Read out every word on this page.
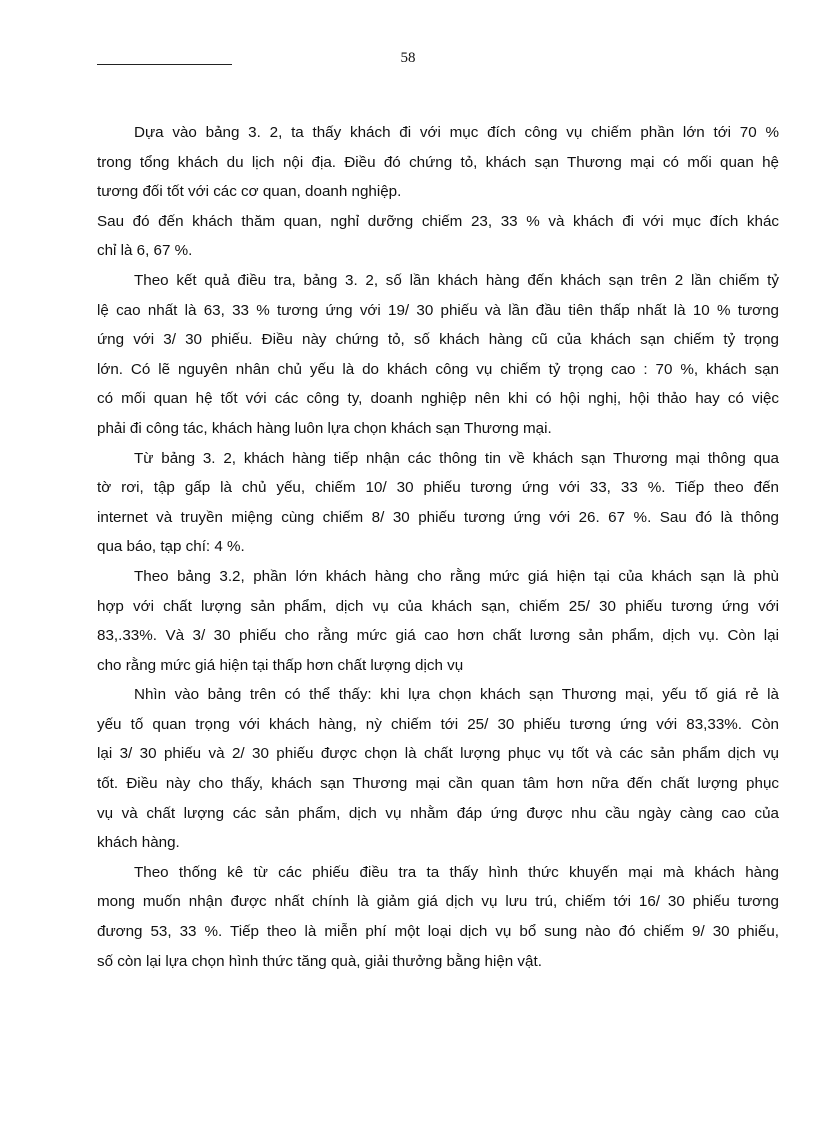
58
Dựa vào bảng 3. 2, ta thấy khách đi với mục đích công vụ chiếm phần lớn tới 70 %
trong tổng khách du lịch nội địa. Điều đó chứng tỏ, khách sạn Thương mại có mối quan hệ
tương đối tốt với các cơ quan, doanh nghiệp.
Sau đó đến khách thăm quan, nghỉ dưỡng chiếm 23, 33 % và khách đi với mục đích khác
chỉ là 6, 67 %.
Theo kết quả điều tra, bảng 3. 2, số lần khách hàng đến khách sạn trên 2 lần chiếm tỷ
lệ cao nhất là 63, 33 % tương ứng với 19/ 30 phiếu và lần đầu tiên thấp nhất là 10 % tương
ứng với 3/ 30 phiếu. Điều này chứng tỏ, số khách hàng cũ của khách sạn chiếm tỷ trọng
lớn. Có lẽ nguyên nhân chủ yếu là do khách công vụ chiếm tỷ trọng cao : 70 %, khách sạn
có mối quan hệ tốt với các công ty, doanh nghiệp nên khi có hội nghị, hội thảo hay có việc
phải đi công tác, khách hàng luôn lựa chọn khách sạn Thương mại.
Từ bảng 3. 2, khách hàng tiếp nhận các thông tin về khách sạn Thương mại thông qua
tờ rơi, tập gấp là chủ yếu, chiếm 10/ 30 phiếu tương ứng với 33, 33 %. Tiếp theo đến
internet và truyền miệng cùng chiếm 8/ 30 phiếu tương ứng với 26. 67 %. Sau đó là thông
qua báo, tạp chí: 4 %.
Theo bảng 3.2, phần lớn khách hàng cho rằng mức giá hiện tại của khách sạn là phù
hợp với chất lượng sản phẩm, dịch vụ của khách sạn, chiếm 25/ 30 phiếu tương ứng với
83,.33%. Và 3/ 30 phiếu cho rằng mức giá cao hơn chất lương sản phẩm, dịch vụ. Còn lại
cho rằng mức giá hiện tại thấp hơn chất lượng dịch vụ
Nhìn vào bảng trên có thể thấy: khi lựa chọn khách sạn Thương mại, yếu tố giá rẻ là
yếu tố quan trọng với khách hàng, nỳ chiếm tới 25/ 30 phiếu tương ứng với 83,33%. Còn
lại 3/ 30 phiếu và 2/ 30 phiếu được chọn là chất lượng phục vụ tốt và các sản phẩm dịch vụ
tốt. Điều này cho thấy, khách sạn Thương mại cần quan tâm hơn nữa đến chất lượng phục
vụ và chất lượng các sản phẩm, dịch vụ nhằm đáp ứng được nhu cầu ngày càng cao của
khách hàng.
Theo thống kê từ các phiếu điều tra ta thấy hình thức khuyến mại mà khách hàng
mong muốn nhận được nhất chính là giảm giá dịch vụ lưu trú, chiếm tới 16/ 30 phiếu tương
đương 53, 33 %. Tiếp theo là miễn phí một loại dịch vụ bổ sung nào đó chiếm 9/ 30 phiếu,
số còn lại lựa chọn hình thức tăng quà, giải thưởng bằng hiện vật.
